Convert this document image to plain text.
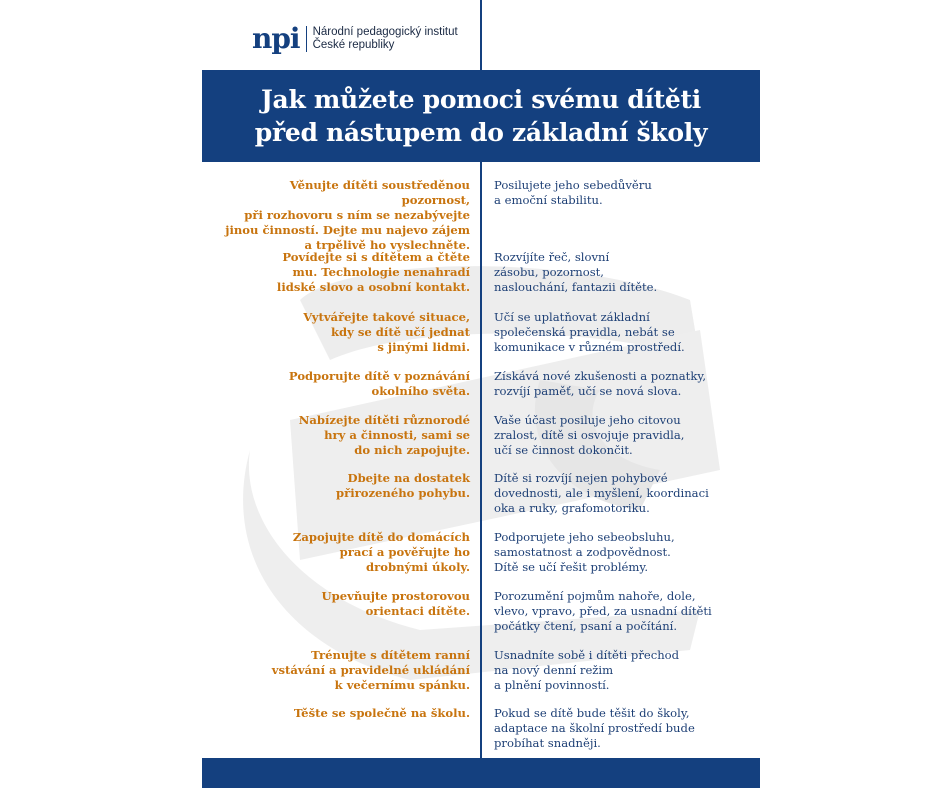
npi Národní pedagogický institut
České republiky
Jak můžete pomoci svému dítěti
před nástupem do základní školy
Věnujte dítěti soustředěnou pozornost,
při rozhovoru s ním se nezabývejte
jinou činností. Dejte mu najevo zájem
a trpělivě ho vyslechněte.
Posilujete jeho sebedůvěru
a emoční stabilitu.
Povídejte si s dítětem a čtěte
mu. Technologie nenahradí
lidské slovo a osobní kontakt.
Rozvíjíte řeč, slovní
zásobu, pozornost,
naslouchání, fantazii dítěte.
Vytvářejte takové situace,
kdy se dítě učí jednat
s jinými lidmi.
Učí se uplatňovat základní
společenská pravidla, nebát se
komunikace v různém prostředí.
Podporujte dítě v poznávání
okolního světa.
Získává nové zkušenosti a poznatky,
rozvíjí paměť, učí se nová slova.
Nabízejte dítěti různorodé
hry a činnosti, sami se
do nich zapojujte.
Vaše účast posiluje jeho citovou
zralost, dítě si osvojuje pravidla,
učí se činnost dokončit.
Dbejte na dostatek
přirozeného pohybu.
Dítě si rozvíjí nejen pohybové
dovednosti, ale i myšlení, koordinaci
oka a ruky, grafomotoriku.
Zapojujte dítě do domácích
prací a pověřujte ho
drobnými úkoly.
Podporujete jeho sebeobsluhu,
samostatnost a zodpovědnost.
Dítě se učí řešit problémy.
Upevňujte prostorovou
orientaci dítěte.
Porozumění pojmům nahoře, dole,
vlevo, vpravo, před, za usnadní dítěti
počátky čtení, psaní a počítání.
Trénujte s dítětem ranní
vstávání a pravidelné ukládání
k večernímu spánku.
Usnadníte sobě i dítěti přechod
na nový denní režim
a plnění povinností.
Těšte se společně na školu. Pokud se dítě bude těšit do školy,
adaptace na školní prostředí bude
probíhat snadněji.
